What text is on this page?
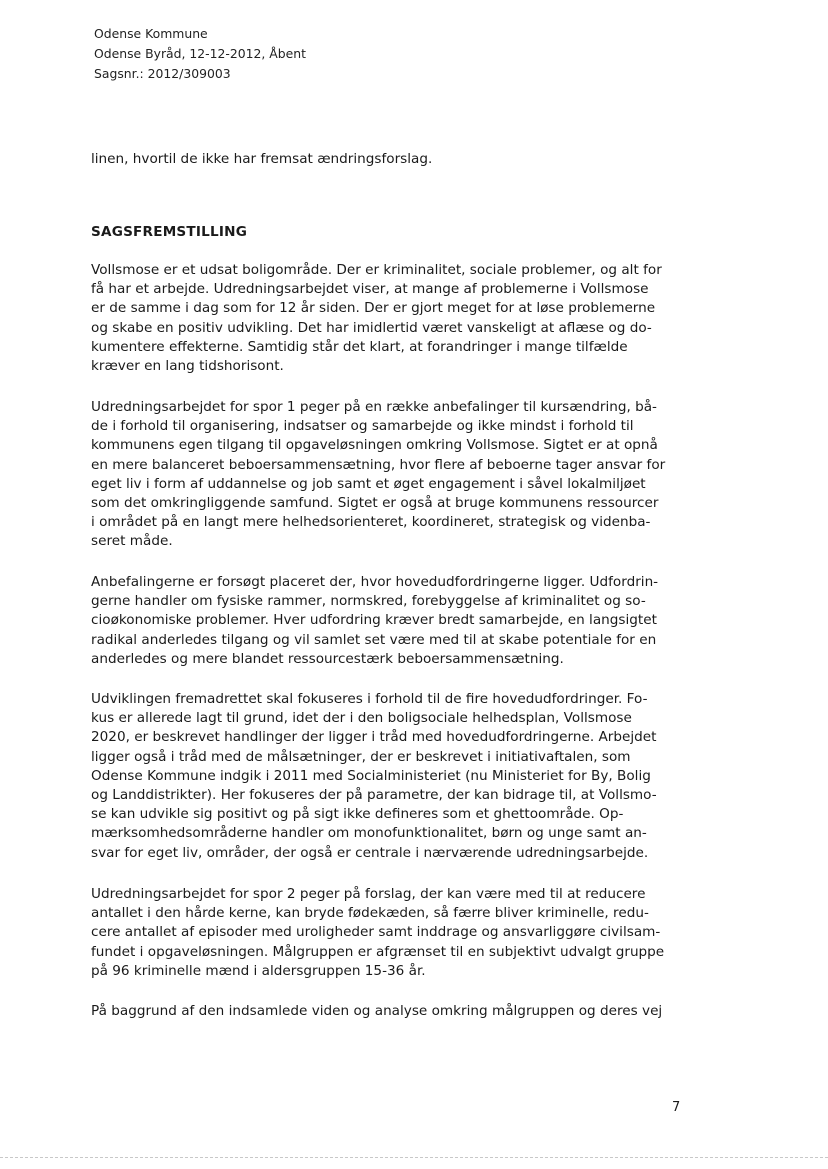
Odense Kommune
Odense Byråd, 12-12-2012, Åbent
Sagsnr.: 2012/309003
linen, hvortil de ikke har fremsat ændringsforslag.
SAGSFREMSTILLING
Vollsmose er et udsat boligområde. Der er kriminalitet, sociale problemer, og alt for
få har et arbejde. Udredningsarbejdet viser, at mange af problemerne i Vollsmose
er de samme i dag som for 12 år siden. Der er gjort meget for at løse problemerne
og skabe en positiv udvikling. Det har imidlertid været vanskeligt at aflæse og do-
kumentere effekterne. Samtidig står det klart, at forandringer i mange tilfælde
kræver en lang tidshorisont.
Udredningsarbejdet for spor 1 peger på en række anbefalinger til kursændring, bå-
de i forhold til organisering, indsatser og samarbejde og ikke mindst i forhold til
kommunens egen tilgang til opgaveløsningen omkring Vollsmose. Sigtet er at opnå
en mere balanceret beboersammensætning, hvor flere af beboerne tager ansvar for
eget liv i form af uddannelse og job samt et øget engagement i såvel lokalmiljøet
som det omkringliggende samfund. Sigtet er også at bruge kommunens ressourcer
i området på en langt mere helhedsorienteret, koordineret, strategisk og videnba-
seret måde.
Anbefalingerne er forsøgt placeret der, hvor hovedudfordringerne ligger. Udfordrin-
gerne handler om fysiske rammer, normskred, forebyggelse af kriminalitet og so-
cioøkonomiske problemer. Hver udfordring kræver bredt samarbejde, en langsigtet
radikal anderledes tilgang og vil samlet set være med til at skabe potentiale for en
anderledes og mere blandet ressourcestærk beboersammensætning.
Udviklingen fremadrettet skal fokuseres i forhold til de fire hovedudfordringer. Fo-
kus er allerede lagt til grund, idet der i den boligsociale helhedsplan, Vollsmose
2020, er beskrevet handlinger der ligger i tråd med hovedudfordringerne. Arbejdet
ligger også i tråd med de målsætninger, der er beskrevet i initiativaftalen, som
Odense Kommune indgik i 2011 med Socialministeriet (nu Ministeriet for By, Bolig
og Landdistrikter). Her fokuseres der på parametre, der kan bidrage til, at Vollsmo-
se kan udvikle sig positivt og på sigt ikke defineres som et ghettoområde. Op-
mærksomhedsområderne handler om monofunktionalitet, børn og unge samt an-
svar for eget liv, områder, der også er centrale i nærværende udredningsarbejde.
Udredningsarbejdet for spor 2 peger på forslag, der kan være med til at reducere
antallet i den hårde kerne, kan bryde fødekæden, så færre bliver kriminelle, redu-
cere antallet af episoder med uroligheder samt inddrage og ansvarliggøre civilsam-
fundet i opgaveløsningen. Målgruppen er afgrænset til en subjektivt udvalgt gruppe
på 96 kriminelle mænd i aldersgruppen 15-36 år.
På baggrund af den indsamlede viden og analyse omkring målgruppen og deres vej
7
